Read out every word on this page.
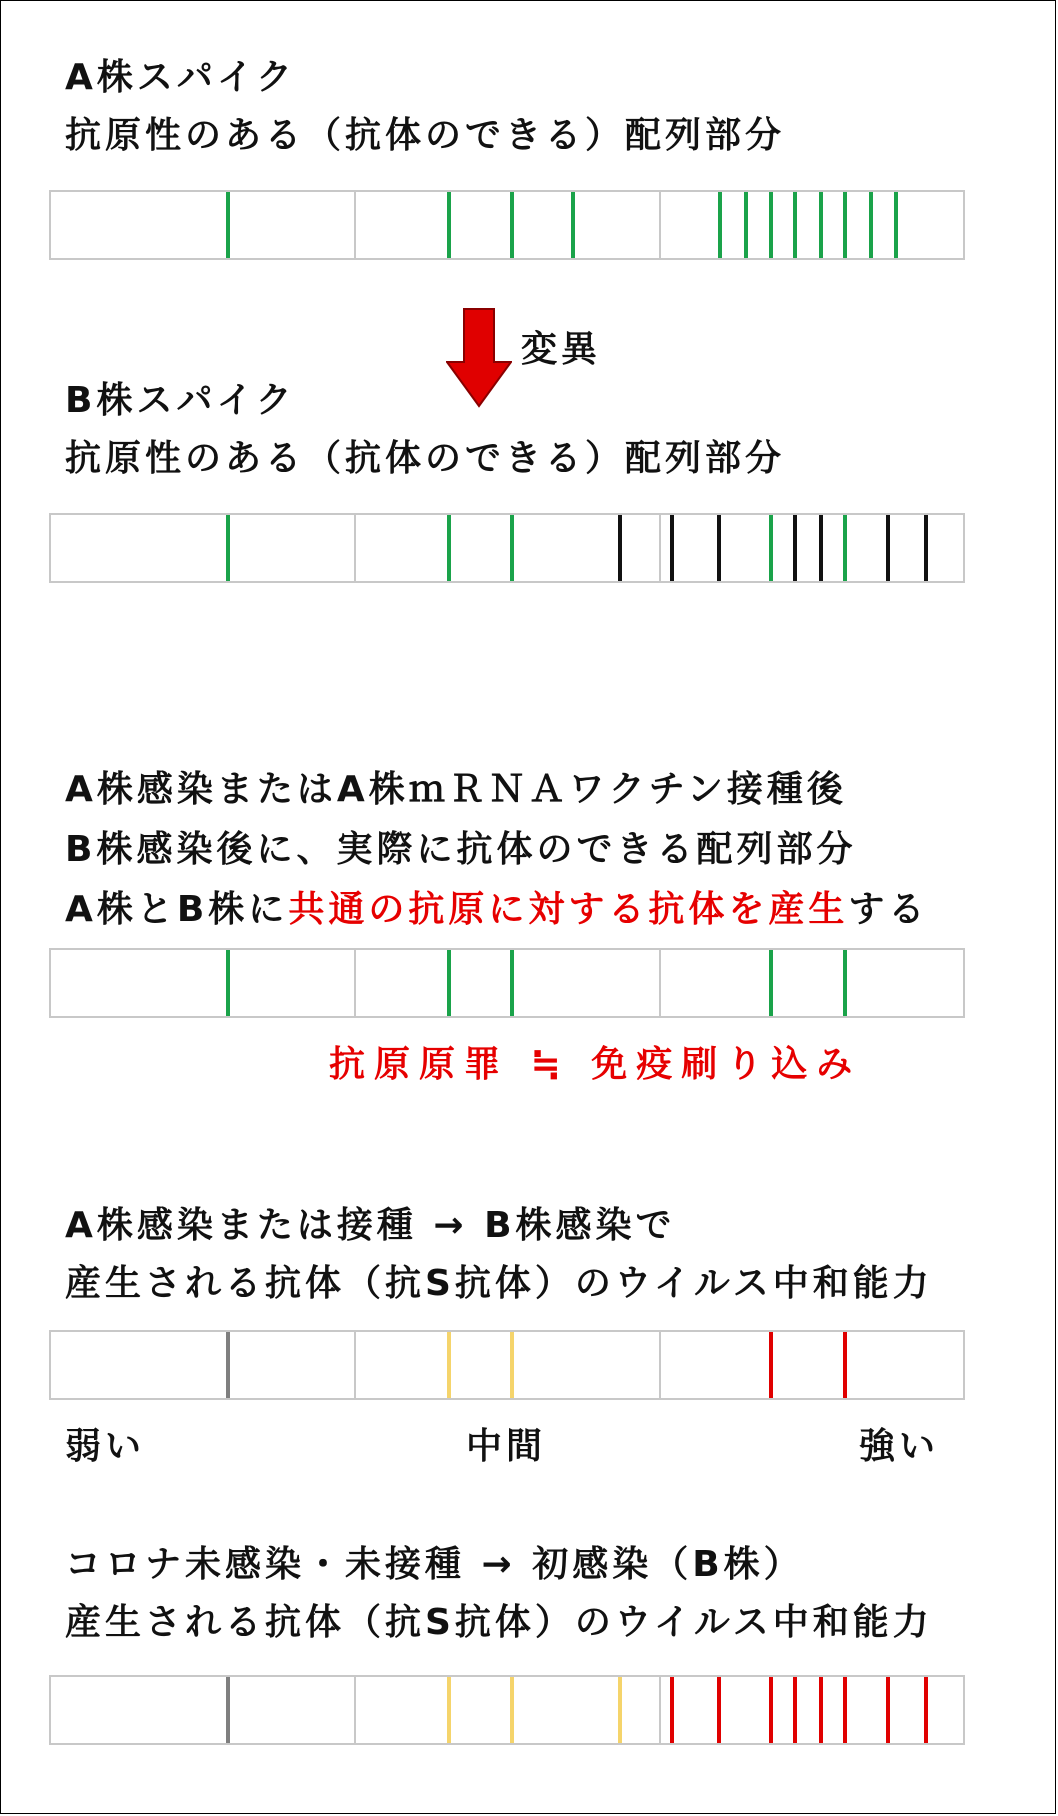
A株スパイク
抗原性のある（抗体のできる）配列部分
変異
B株スパイク
抗原性のある（抗体のできる）配列部分
A株感染またはA株ｍＲＮＡワクチン接種後
B株感染後に、実際に抗体のできる配列部分
A株とB株に共通の抗原に対する抗体を産生する
抗原原罪 ≒ 免疫刷り込み
A株感染または接種 → B株感染で
産生される抗体（抗S抗体）のウイルス中和能力
弱い	中間	強い
コロナ未感染・未接種 → 初感染（B株）
産生される抗体（抗S抗体）のウイルス中和能力
